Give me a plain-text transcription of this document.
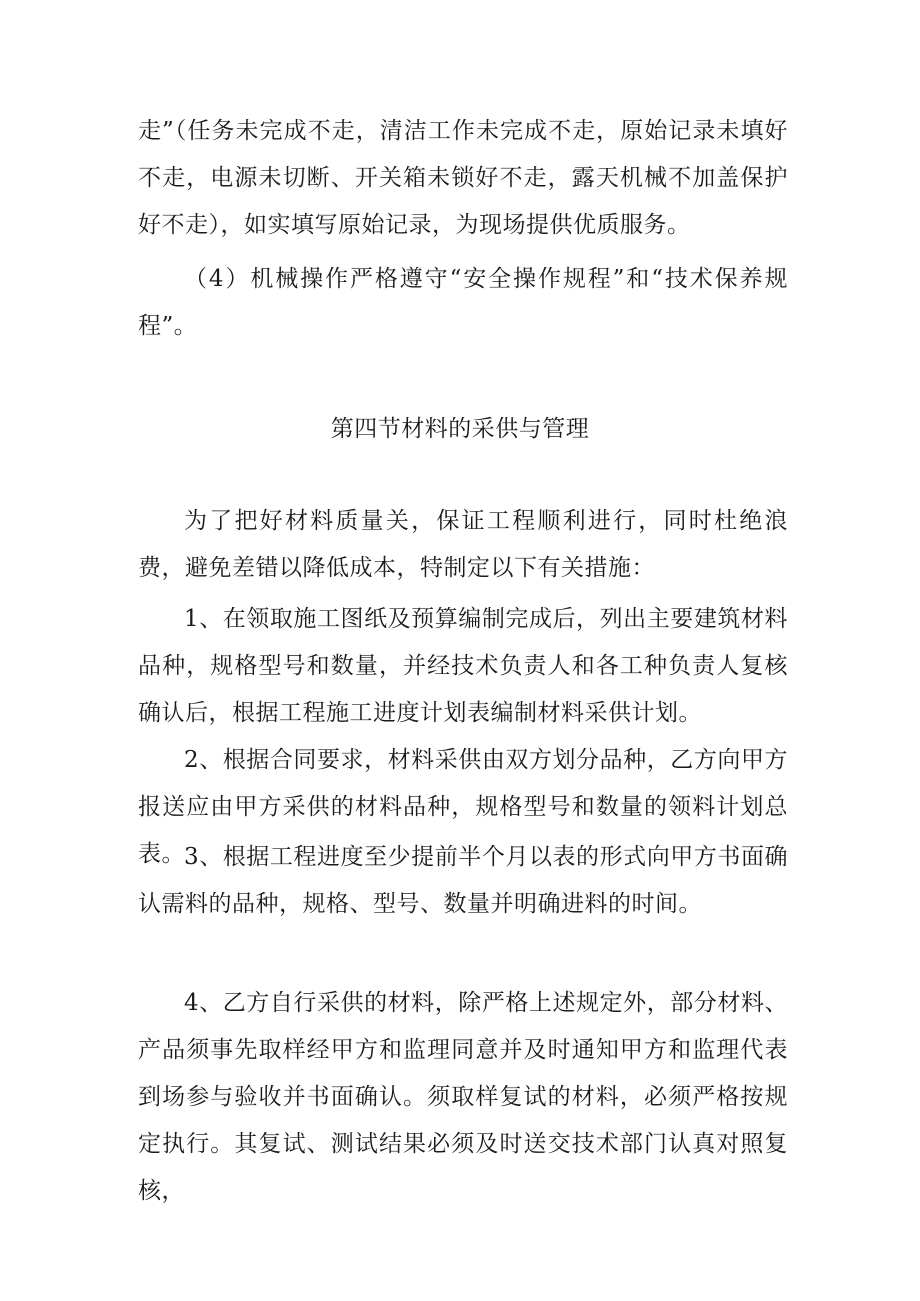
走”（任务未完成不走，清洁工作未完成不走，原始记录未填好不走，电源未切断、开关箱未锁好不走，露天机械不加盖保护好不走），如实填写原始记录，为现场提供优质服务。

（4）机械操作严格遵守“安全操作规程”和“技术保养规程”。

第四节材料的采供与管理

为了把好材料质量关，保证工程顺利进行，同时杜绝浪费，避免差错以降低成本，特制定以下有关措施：

1、在领取施工图纸及预算编制完成后，列出主要建筑材料品种，规格型号和数量，并经技术负责人和各工种负责人复核确认后，根据工程施工进度计划表编制材料采供计划。

2、根据合同要求，材料采供由双方划分品种，乙方向甲方报送应由甲方采供的材料品种，规格型号和数量的领料计划总表。 3、根据工程进度至少提前半个月以表的形式向甲方书面确认需料的品种，规格、型号、数量并明确进料的时间。

4、乙方自行采供的材料，除严格上述规定外，部分材料、产品须事先取样经甲方和监理同意并及时通知甲方和监理代表到场参与验收并书面确认。须取样复试的材料，必须严格按规定执行。其复试、测试结果必须及时送交技术部门认真对照复核，
